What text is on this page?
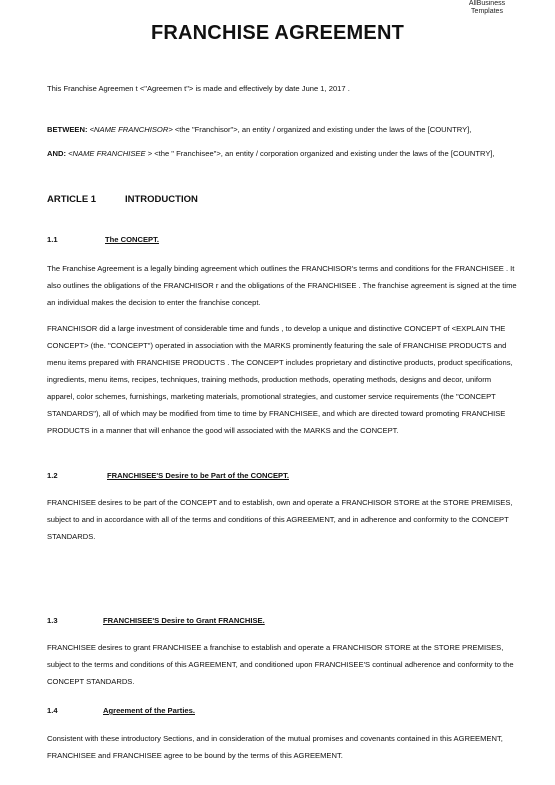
AllBusiness
Templates
FRANCHISE AGREEMENT
This Franchise Agreemen t <"Agreemen t"> is made and effectively by date June 1, 2017 .
BETWEEN: <NAME FRANCHISOR> <the "Franchisor">, an entity / organized and existing under the laws of the [COUNTRY],
AND: <NAME FRANCHISEE > <the " Franchisee">, an entity / corporation organized and existing under the laws of the [COUNTRY],
ARTICLE 1	INTRODUCTION
1.1	The CONCEPT.
The Franchise Agreement is a legally binding agreement which outlines the FRANCHISOR's terms and conditions for the FRANCHISEE . It also outlines the obligations of the FRANCHISOR r and the obligations of the FRANCHISEE . The franchise agreement is signed at the time an individual makes the decision to enter the franchise concept.
FRANCHISOR did a large investment of considerable time and funds , to develop a unique and distinctive CONCEPT of <EXPLAIN THE CONCEPT> (the. "CONCEPT") operated in association with the MARKS prominently featuring the sale of FRANCHISE PRODUCTS and menu items prepared with FRANCHISE PRODUCTS . The CONCEPT includes proprietary and distinctive products, product specifications, ingredients, menu items, recipes, techniques, training methods, production methods, operating methods, designs and decor, uniform apparel, color schemes, furnishings, marketing materials, promotional strategies, and customer service requirements (the "CONCEPT STANDARDS"), all of which may be modified from time to time by FRANCHISEE, and which are directed toward promoting FRANCHISE PRODUCTS in a manner that will enhance the good will associated with the MARKS and the CONCEPT.
1.2	FRANCHISEE'S Desire to be Part of the CONCEPT.
FRANCHISEE desires to be part of the CONCEPT and to establish, own and operate a FRANCHISOR STORE at the STORE PREMISES, subject to and in accordance with all of the terms and conditions of this AGREEMENT, and in adherence and conformity to the CONCEPT STANDARDS.
1.3	FRANCHISEE'S Desire to Grant FRANCHISE.
FRANCHISEE desires to grant FRANCHISEE a franchise to establish and operate a FRANCHISOR STORE at the STORE PREMISES, subject to the terms and conditions of this AGREEMENT, and conditioned upon FRANCHISEE'S continual adherence and conformity to the CONCEPT STANDARDS.
1.4	Agreement of the Parties.
Consistent with these introductory Sections, and in consideration of the mutual promises and covenants contained in this AGREEMENT, FRANCHISEE and FRANCHISEE agree to be bound by the terms of this AGREEMENT.
